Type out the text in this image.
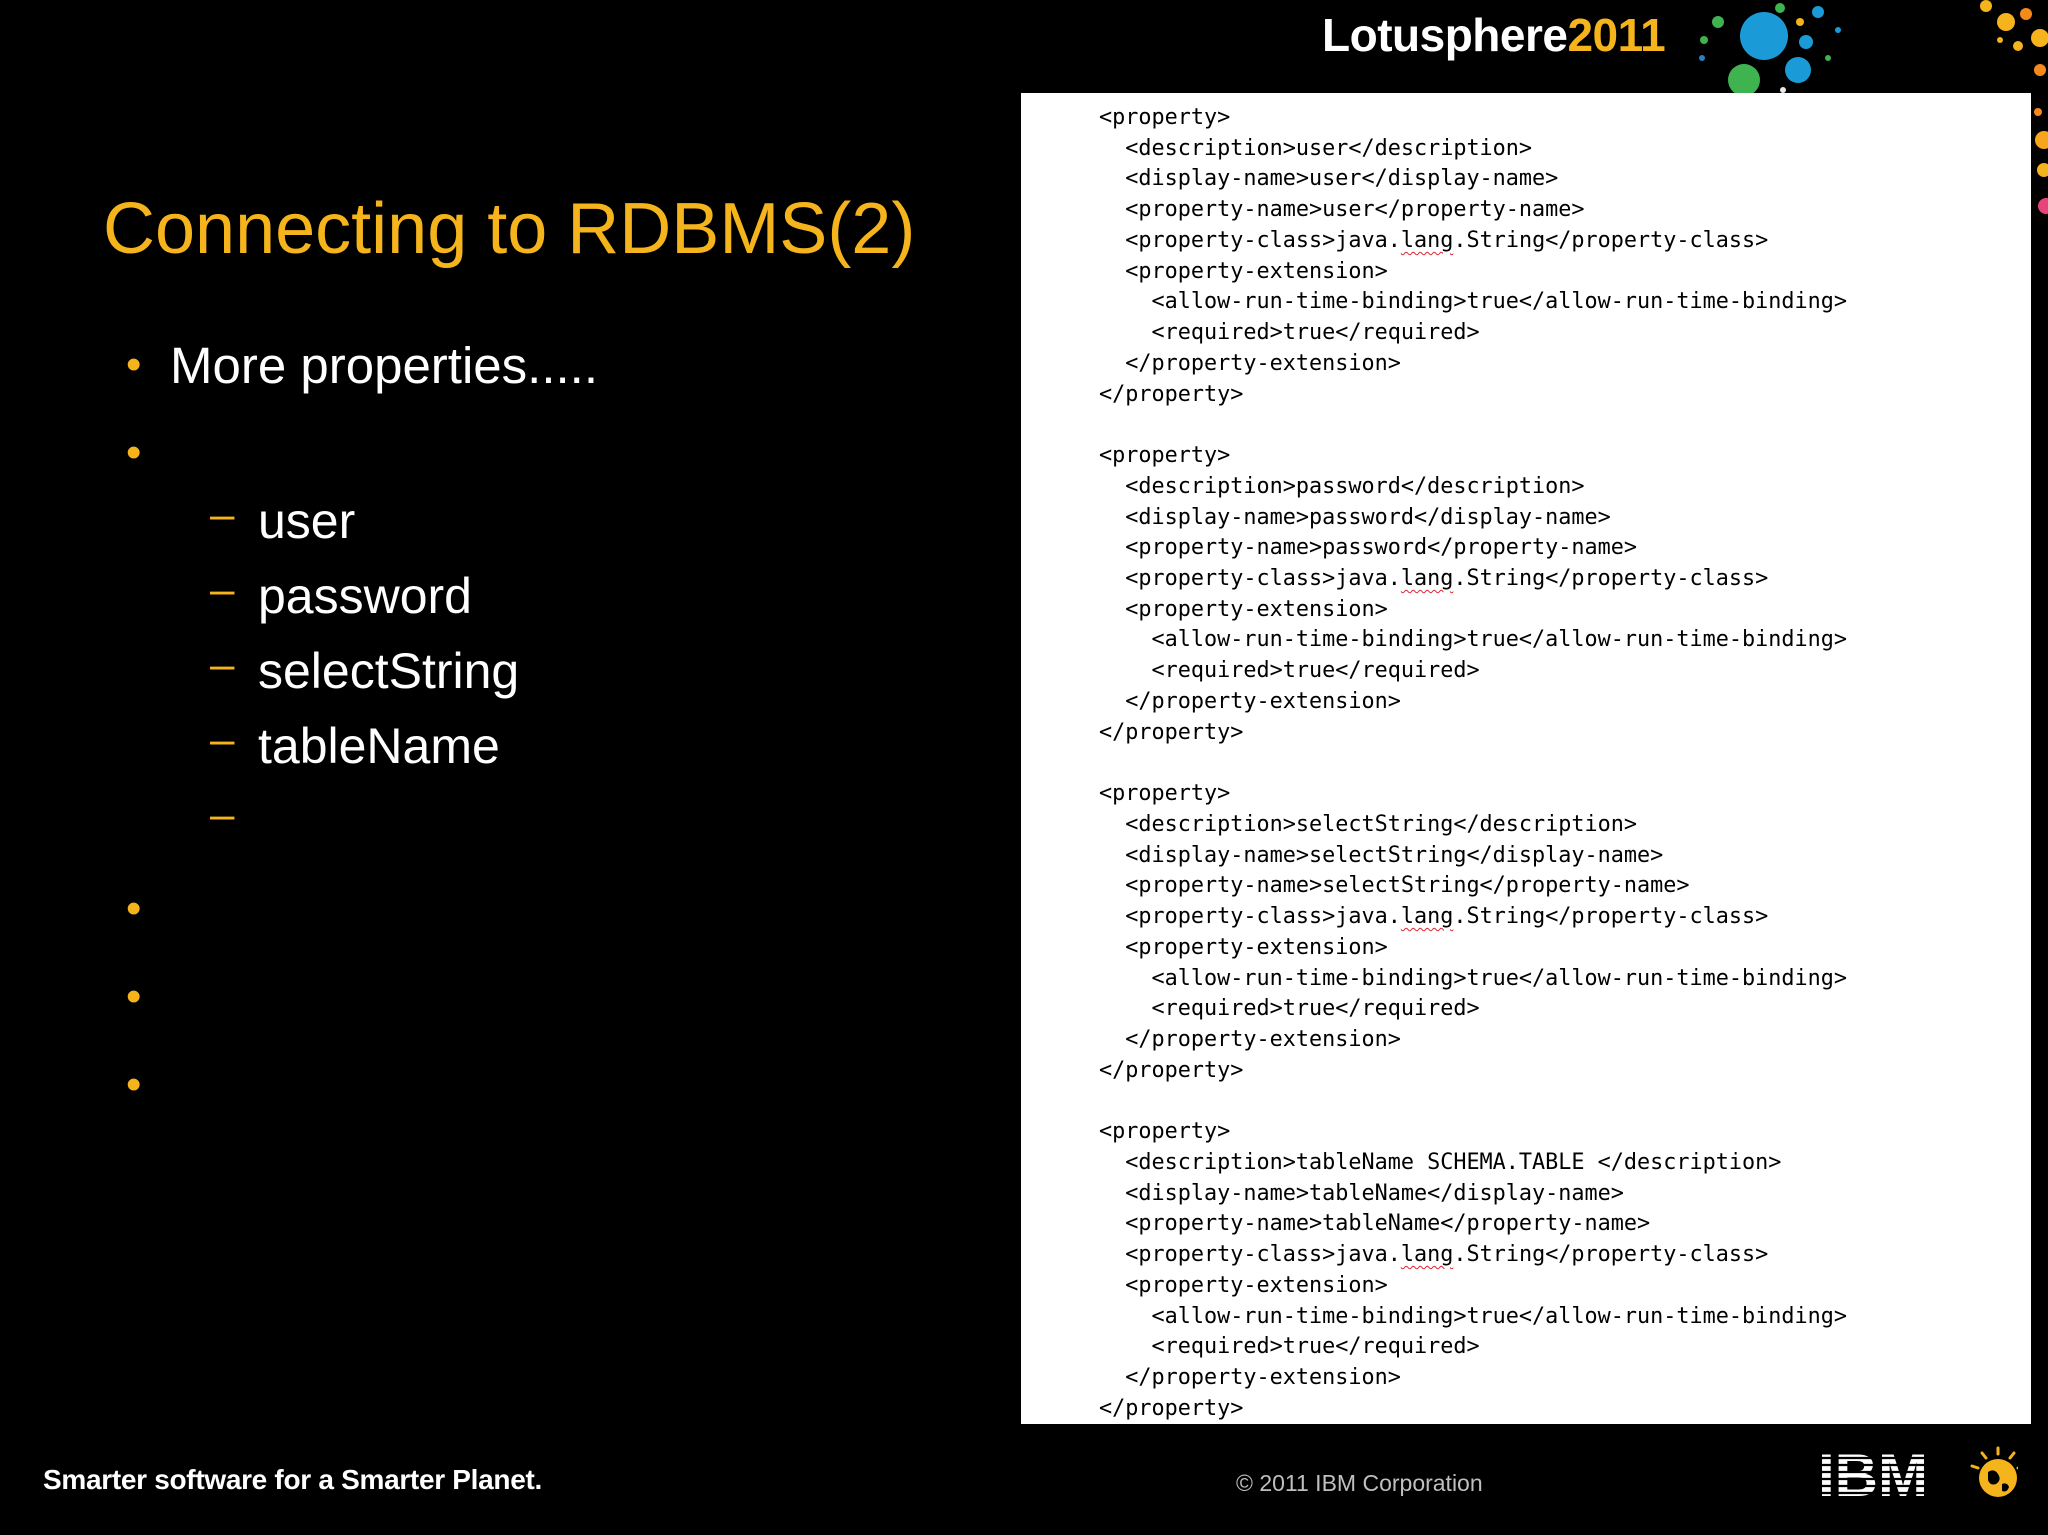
Lotusphere2011
Connecting to RDBMS(2)
• More properties.....
•
– user
– password
– selectString
– tableName
–
•
•
•
<property>
<description>user</description>
<display-name>user</display-name>
<property-name>user</property-name>
<property-class>java.lang.String</property-class>
<property-extension>
<allow-run-time-binding>true</allow-run-time-binding>
<required>true</required>
</property-extension>
</property>

<property>
<description>password</description>
<display-name>password</display-name>
<property-name>password</property-name>
<property-class>java.lang.String</property-class>
<property-extension>
<allow-run-time-binding>true</allow-run-time-binding>
<required>true</required>
</property-extension>
</property>

<property>
<description>selectString</description>
<display-name>selectString</display-name>
<property-name>selectString</property-name>
<property-class>java.lang.String</property-class>
<property-extension>
<allow-run-time-binding>true</allow-run-time-binding>
<required>true</required>
</property-extension>
</property>

<property>
<description>tableName SCHEMA.TABLE </description>
<display-name>tableName</display-name>
<property-name>tableName</property-name>
<property-class>java.lang.String</property-class>
<property-extension>
<allow-run-time-binding>true</allow-run-time-binding>
<required>true</required>
</property-extension>
</property>

Smarter software for a Smarter Planet.	© 2011 IBM Corporation	IBM
